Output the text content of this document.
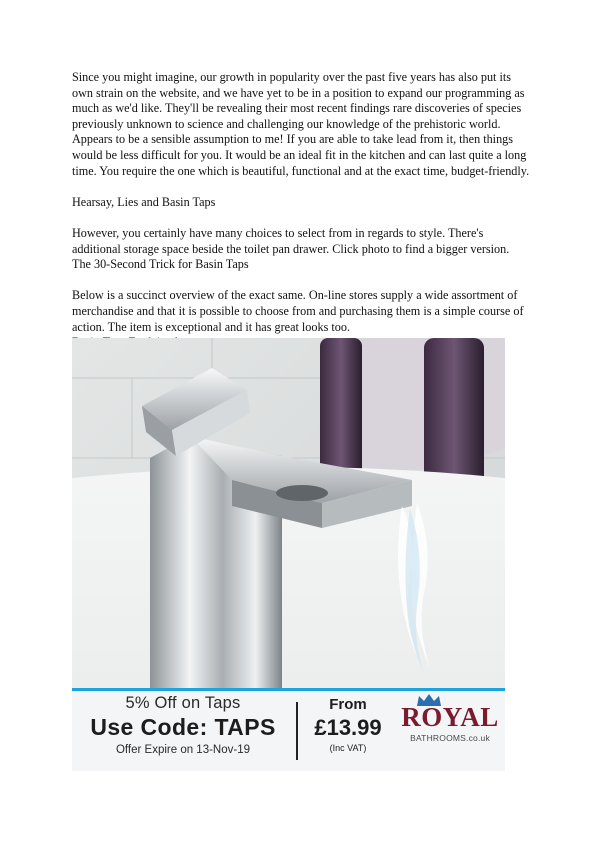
Since you might imagine, our growth in popularity over the past five years has also put its own strain on the website, and we have yet to be in a position to expand our programming as much as we'd like. They'll be revealing their most recent findings rare discoveries of species previously unknown to science and challenging our knowledge of the prehistoric world. Appears to be a sensible assumption to me! If you are able to take lead from it, then things would be less difficult for you. It would be an ideal fit in the kitchen and can last quite a long time. You require the one which is beautiful, functional and at the exact time, budget-friendly.

Hearsay, Lies and Basin Taps

However, you certainly have many choices to select from in regards to style. There's additional storage space beside the toilet pan drawer. Click photo to find a bigger version.

The 30-Second Trick for Basin Taps

Below is a succinct overview of the exact same. On-line stores supply a wide assortment of merchandise and that it is possible to choose from and purchasing them is a simple course of action. The item is exceptional and it has great looks too.

5% Off on Taps
Use Code: TAPS
Offer Expire on 13-Nov-19
From
£13.99
(Inc VAT)
ROYAL
BATHROOMS.co.uk
